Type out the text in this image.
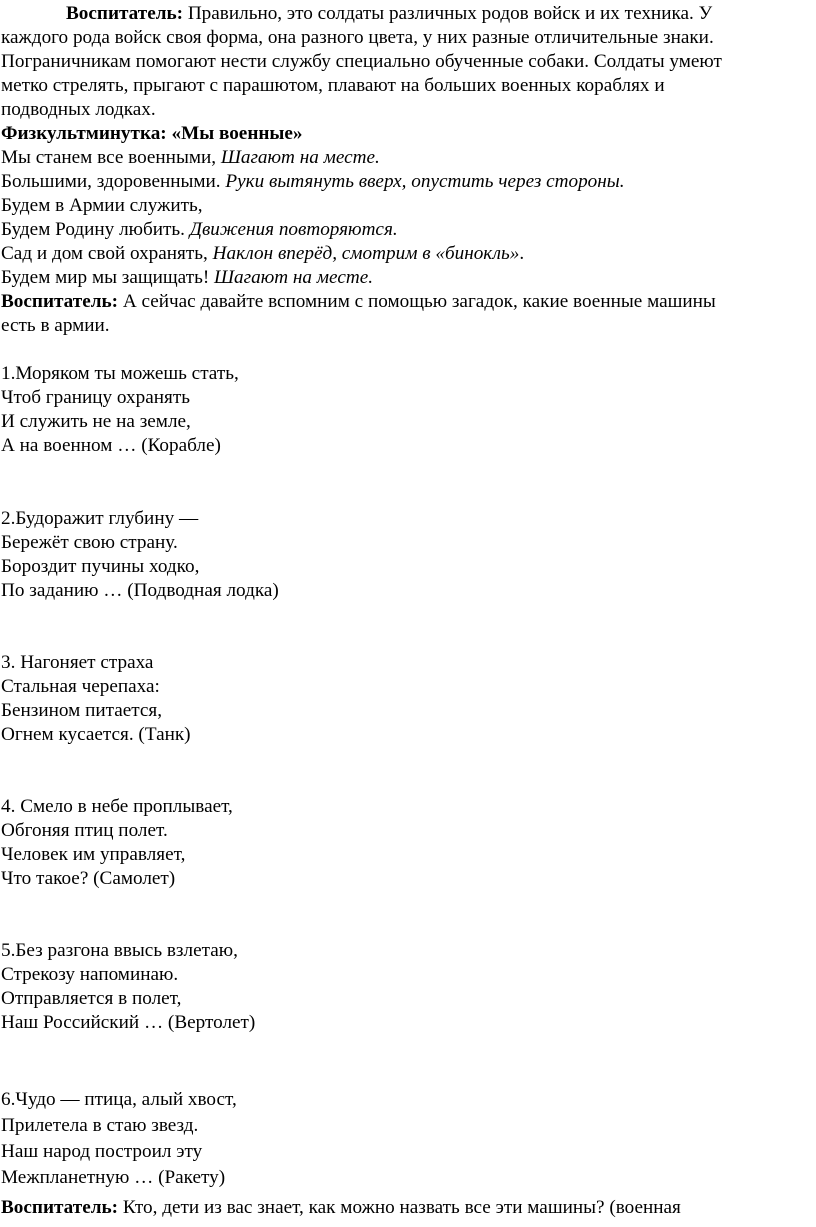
Воспитатель: Правильно, это солдаты различных родов войск и их техника. У
каждого рода войск своя форма, она разного цвета, у них разные отличительные знаки.
Пограничникам помогают нести службу специально обученные собаки. Солдаты умеют
метко стрелять, прыгают с парашютом, плавают на больших военных кораблях и
подводных лодках.
Физкультминутка: «Мы военные»
Мы станем все военными, Шагают на месте.
Большими, здоровенными. Руки вытянуть вверх, опустить через стороны.
Будем в Армии служить,
Будем Родину любить. Движения повторяются.
Сад и дом свой охранять, Наклон вперёд, смотрим в «бинокль».
Будем мир мы защищать! Шагают на месте.
Воспитатель: А сейчас давайте вспомним с помощью загадок, какие военные машины
есть в армии.
1.Моряком ты можешь стать,
Чтоб границу охранять
И служить не на земле,
А на военном … (Корабле)
2.Будоражит глубину —
Бережёт свою страну.
Бороздит пучины ходко,
По заданию … (Подводная лодка)
3. Нагоняет страха
Стальная черепаха:
Бензином питается,
Огнем кусается. (Танк)
4. Смело в небе проплывает,
Обгоняя птиц полет.
Человек им управляет,
Что такое? (Самолет)
5.Без разгона ввысь взлетаю,
Стрекозу напоминаю.
Отправляется в полет,
Наш Российский … (Вертолет)
6.Чудо — птица, алый хвост,
Прилетела в стаю звезд.
Наш народ построил эту
Межпланетную … (Ракету)
Воспитатель: Кто, дети из вас знает, как можно назвать все эти машины? (военная
